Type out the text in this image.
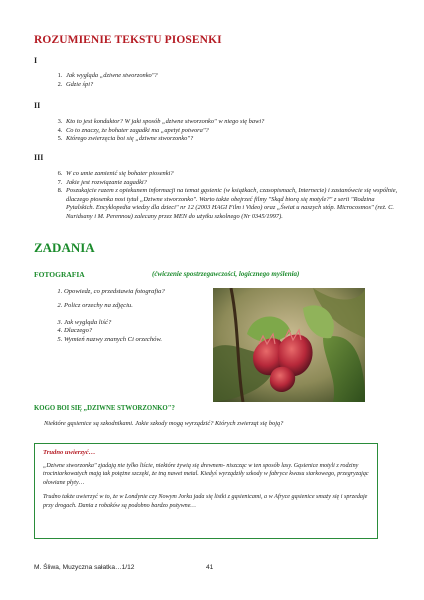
ROZUMIENIE TEKSTU PIOSENKI
I
1. Jak wygląda „dziwne stworzonko"?
2. Gdzie śpi?
II
3. Kto to jest konduktor? W jaki sposób „dziwne stworzonko" w niego się bawi?
4. Co to znaczy, że bohater zagadki ma „apetyt potwora"?
5. Którego zwierzęcia boi się „dziwne stworzonko"?
III
6. W co umie zamienić się bohater piosenki?
7. Jakie jest rozwiązanie zagadki?
8. Poszukajcie razem z opiekunem informacji na temat gąsienic (w książkach, czasopismach, Internecie) i zastanówcie się wspólnie, dlaczego piosenka nosi tytuł „Dziwne stworzonko". Warto także obejrzeć filmy "Skąd biorą się motyle?" z serii "Rodzina Pytalskich. Encyklopedia wiedzy dla dzieci" nr 12 (2003 HAGI Film i Video) oraz „Świat u naszych stóp. Microcosmos" (reż. C. Nuridsany i M. Perennou) zalecany przez MEN do użytku szkolnego (Nr 0345/1997).
ZADANIA
FOTOGRAFIA	(ćwiczenie spostrzegawczości, logicznego myślenia)
1. Opowiedz, co przedstawia fotografia?
2. Policz orzechy na zdjęciu.
3. Jak wygląda liść?
4. Dlaczego?
5. Wymień nazwy znanych Ci orzechów.
KOGO BOI SIĘ „DZIWNE STWORZONKO"?
Niektóre gąsienice są szkodnikami. Jakie szkody mogą wyrządzić? Których zwierząt się boją?
Trudno uwierzyć…

„Dziwne stworzonka" zjadają nie tylko liście, niektóre żywią się drewnem- niszcząc w ten sposób lasy. Gąsienice motyli z rodziny trociniarkowatych mają tak potężne szczęki, że tną nawet metal. Kiedyś wyrządziły szkody w fabryce kwasu siarkowego, przegryzając ołowiane płyty…

Trudno także uwierzyć w to, że w Londynie czy Nowym Jorku jada się listki z gąsienicami, a w Afryce gąsienice smaży się i sprzedaje przy drogach. Dania z robaków są podobno bardzo pożywne…

M. Śliwa, Muzyczna sałatka…1/12	41
